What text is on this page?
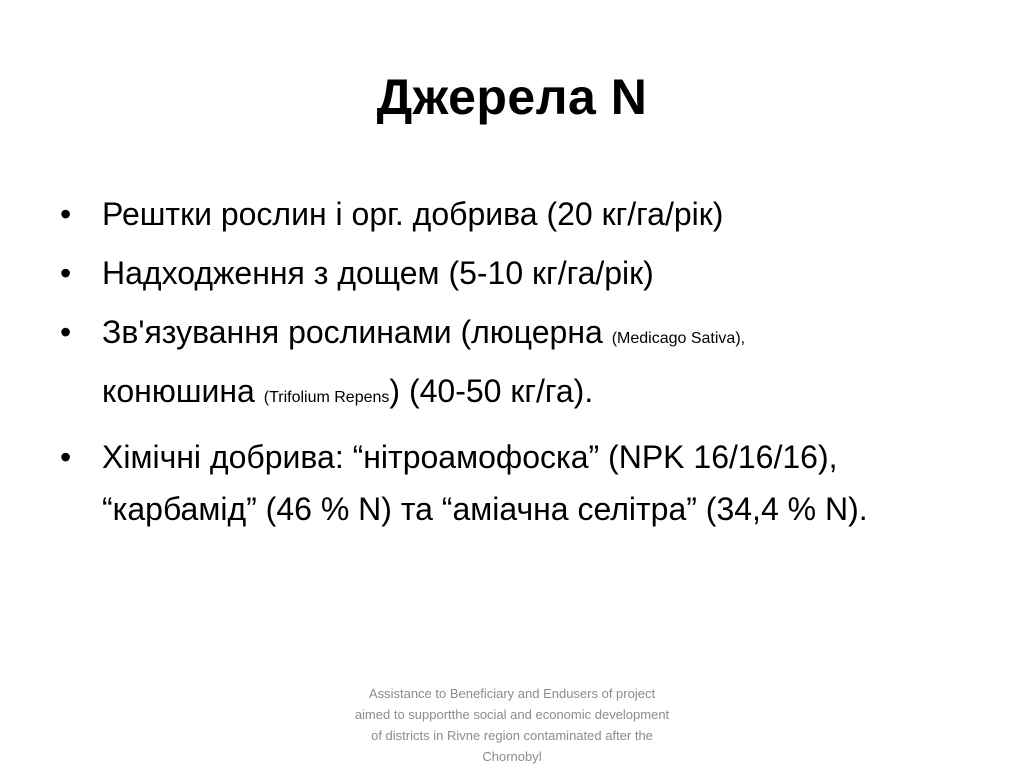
Джерела N
• Рештки рослин і орг. добрива (20 кг/га/рік)
• Надходження з дощем (5-10 кг/га/рік)
• Зв'язування рослинами (люцерна (Medicago Sativa),
конюшина (Trifolium Repens) (40-50 кг/га).
• Хімічні добрива: “нітроамофоска” (NPK 16/16/16), “карбамід” (46 % N) та “аміачна селітра” (34,4 % N).
Assistance to Beneficiary and Endusers of project aimed to supportthe social and economic development of districts in Rivne region contaminated after the Chornobyl
